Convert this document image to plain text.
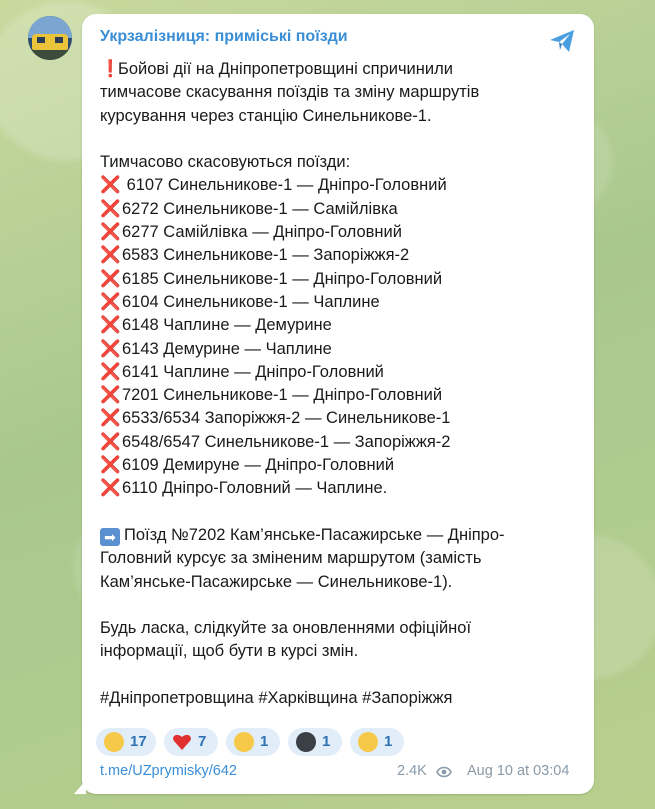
Укрзалізниця: приміські поїзди
❗Бойові дії на Дніпропетровщині спричинили
тимчасове скасування поїздів та зміну маршрутів
курсування через станцію Синельникове-1.
Тимчасово скасовуються поїзди:
❌ 6107 Синельникове-1 — Дніпро-Головний
❌6272 Синельникове-1 — Самійлівка
❌6277 Самійлівка — Дніпро-Головний
❌6583 Синельникове-1 — Запоріжжя-2
❌6185 Синельникове-1 — Дніпро-Головний
❌6104 Синельникове-1 — Чаплине
❌6148 Чаплине — Демурине
❌6143 Демурине — Чаплине
❌6141 Чаплине — Дніпро-Головний
❌7201 Синельникове-1 — Дніпро-Головний
❌6533/6534 Запоріжжя-2 — Синельникове-1
❌6548/6547 Синельникове-1 — Запоріжжя-2
❌6109 Демируне — Дніпро-Головний
❌6110 Дніпро-Головний — Чаплине.
➡ Поїзд №7202 Кам’янське-Пасажирське — Дніпро-
Головний курсує за зміненим маршрутом (замість
Кам’янське-Пасажирське — Синельникове-1).
Будь ласка, слідкуйте за оновленнями офіційної
інформації, щоб бути в курсі змін.
#Дніпропетровщина #Харківщина #Запоріжжя
17	7	1	1	1
t.me/UZprymisky/642	2.4K	Aug 10 at 03:04
